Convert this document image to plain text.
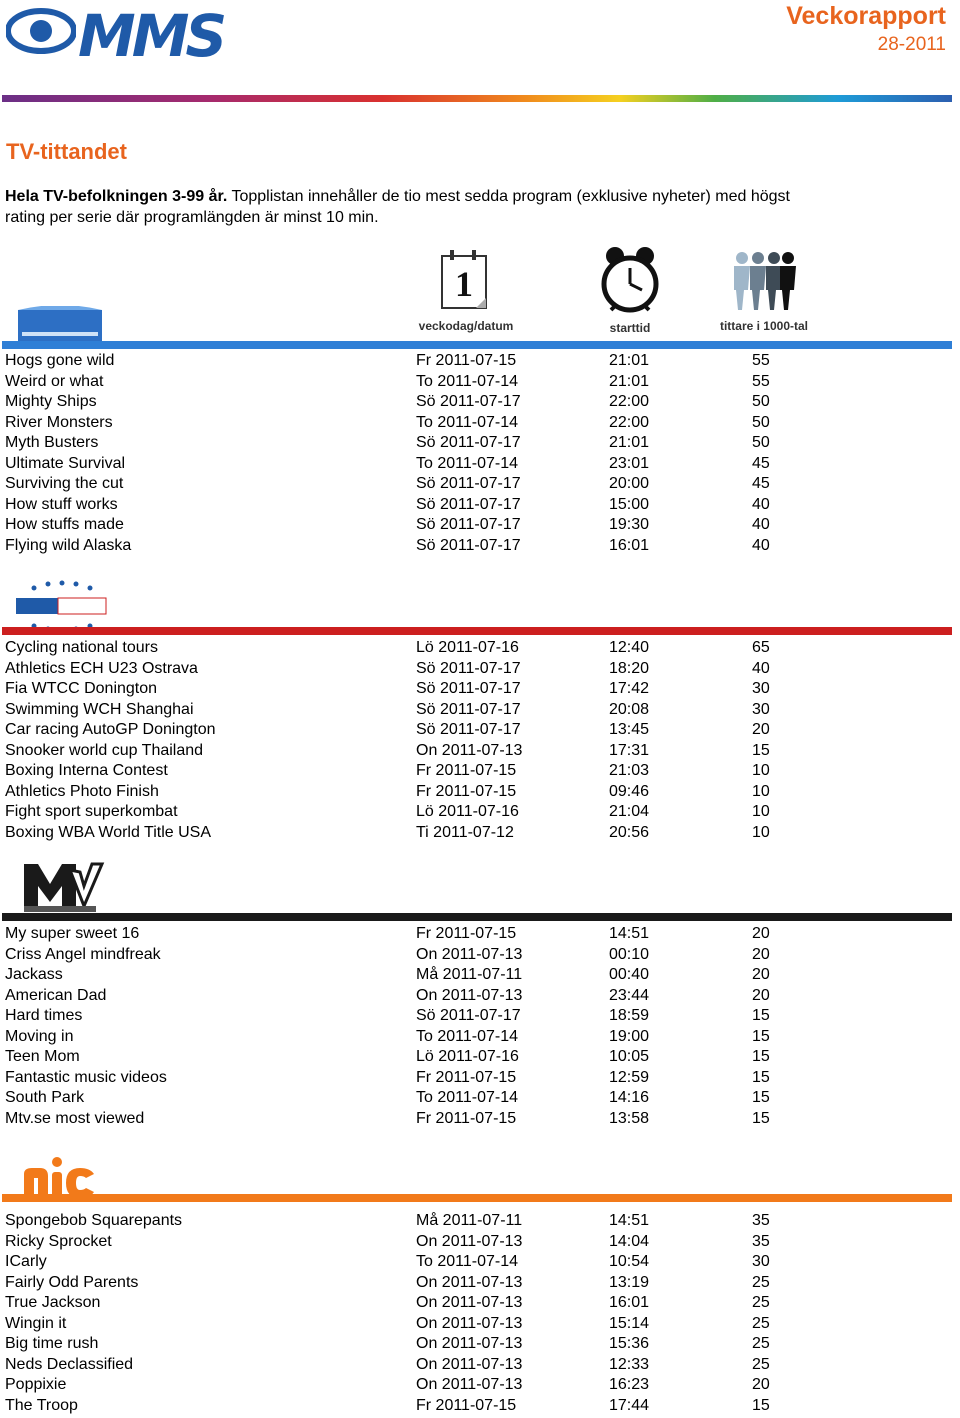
MMS	Veckorapport
28-2011
TV-tittandet
Hela TV-befolkningen 3-99 år. Topplistan innehåller de tio mest sedda program (exklusive nyheter) med högst rating per serie där programlängden är minst 10 min.
1
veckodag/datum	starttid	tittare i 1000-tal
Hogs gone wild	Fr 2011-07-15	21:01	55
Weird or what	To 2011-07-14	21:01	55
Mighty Ships	Sö 2011-07-17	22:00	50
River Monsters	To 2011-07-14	22:00	50
Myth Busters	Sö 2011-07-17	21:01	50
Ultimate Survival	To 2011-07-14	23:01	45
Surviving the cut	Sö 2011-07-17	20:00	45
How stuff works	Sö 2011-07-17	15:00	40
How stuffs made	Sö 2011-07-17	19:30	40
Flying wild Alaska	Sö 2011-07-17	16:01	40
Cycling national tours	Lö 2011-07-16	12:40	65
Athletics ECH U23 Ostrava	Sö 2011-07-17	18:20	40
Fia WTCC Donington	Sö 2011-07-17	17:42	30
Swimming WCH Shanghai	Sö 2011-07-17	20:08	30
Car racing AutoGP Donington	Sö 2011-07-17	13:45	20
Snooker world cup Thailand	On 2011-07-13	17:31	15
Boxing Interna Contest	Fr 2011-07-15	21:03	10
Athletics Photo Finish	Fr 2011-07-15	09:46	10
Fight sport superkombat	Lö 2011-07-16	21:04	10
Boxing WBA World Title USA	Ti 2011-07-12	20:56	10
My super sweet 16	Fr 2011-07-15	14:51	20
Criss Angel mindfreak	On 2011-07-13	00:10	20
Jackass	Må 2011-07-11	00:40	20
American Dad	On 2011-07-13	23:44	20
Hard times	Sö 2011-07-17	18:59	15
Moving in	To 2011-07-14	19:00	15
Teen Mom	Lö 2011-07-16	10:05	15
Fantastic music videos	Fr 2011-07-15	12:59	15
South Park	To 2011-07-14	14:16	15
Mtv.se most viewed	Fr 2011-07-15	13:58	15
Spongebob Squarepants	Må 2011-07-11	14:51	35
Ricky Sprocket	On 2011-07-13	14:04	35
ICarly	To 2011-07-14	10:54	30
Fairly Odd Parents	On 2011-07-13	13:19	25
True Jackson	On 2011-07-13	16:01	25
Wingin it	On 2011-07-13	15:14	25
Big time rush	On 2011-07-13	15:36	25
Neds Declassified	On 2011-07-13	12:33	25
Poppixie	On 2011-07-13	16:23	20
The Troop	Fr 2011-07-15	17:44	15
